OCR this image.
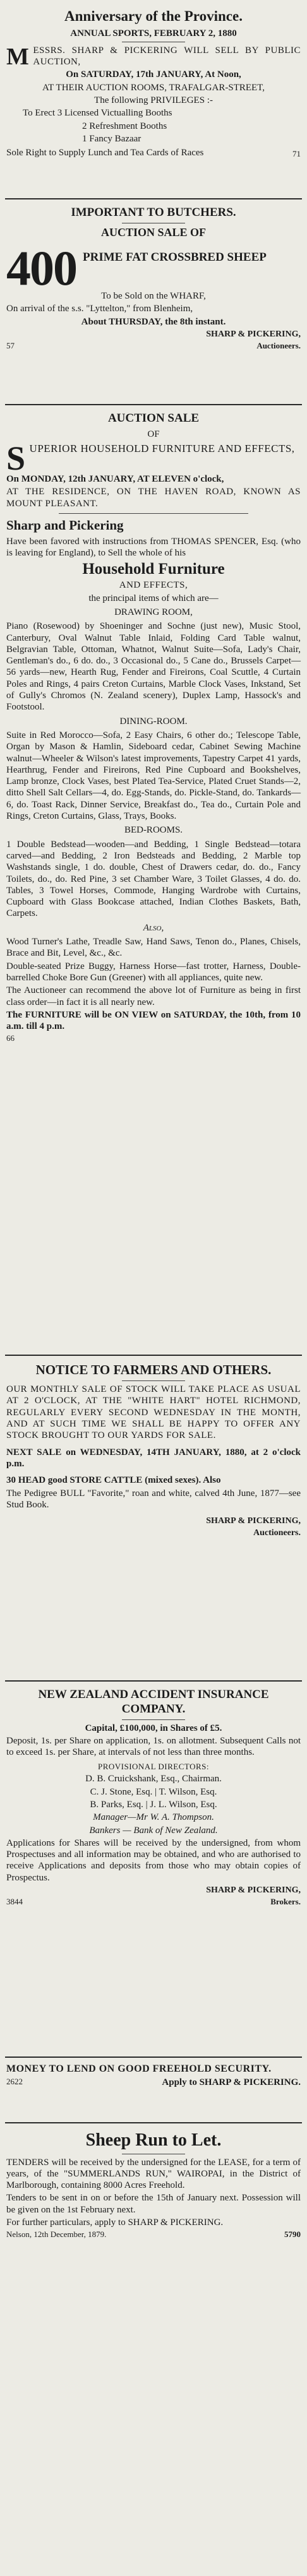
Anniversary of the Province.
ANNUAL SPORTS, FEBRUARY 2, 1880

MESSRS. SHARP & PICKERING WILL SELL BY PUBLIC AUCTION,

On SATURDAY, 17th JANUARY, At Noon,

AT THEIR AUCTION ROOMS, TRAFALGAR-STREET,

The following PRIVILEGES :-

To Erect 3 Licensed Victualling Booths

2 Refreshment Booths

1 Fancy Bazaar

Sole Right to Supply Lunch and Tea Cards of Races	71

IMPORTANT TO BUTCHERS.
AUCTION SALE OF
400 PRIME FAT CROSSBRED SHEEP

To be Sold on the WHARF,

On arrival of the s.s. "Lyttelton," from Blenheim,

About THURSDAY, the 8th instant.

SHARP & PICKERING,

57	Auctioneers.
AUCTION SALE
OF

SUPERIOR HOUSEHOLD FURNITURE AND EFFECTS,

On MONDAY, 12th JANUARY, AT ELEVEN o'clock,

AT THE RESIDENCE, ON THE HAVEN ROAD, KNOWN AS MOUNT PLEASANT.

Sharp and Pickering

Have been favored with instructions from THOMAS SPENCER, Esq. (who is leaving for England), to Sell the whole of his

Household Furniture

AND EFFECTS,

the principal items of which are—

DRAWING ROOM,

Piano (Rosewood) by Shoeninger and Sochne (just new), Music Stool, Canterbury, Oval Walnut Table Inlaid, Folding Card Table walnut, Belgravian Table, Ottoman, Whatnot, Walnut Suite—Sofa, Lady's Chair, Gentleman's do., 6 do. do., 3 Occasional do., 5 Cane do., Brussels Carpet—56 yards—new, Hearth Rug, Fender and Fireirons, Coal Scuttle, 4 Curtain Poles and Rings, 4 pairs Creton Curtains, Marble Clock Vases, Inkstand, Set of Gully's Chromos (N. Zealand scenery), Duplex Lamp, Hassock's and Footstool.

DINING-ROOM.

Suite in Red Morocco—Sofa, 2 Easy Chairs, 6 other do.; Telescope Table, Organ by Mason & Hamlin, Sideboard cedar, Cabinet Sewing Machine walnut—Wheeler & Wilson's latest improvements, Tapestry Carpet 41 yards, Hearthrug, Fender and Fireirons, Red Pine Cupboard and Bookshelves, Lamp bronze, Clock Vases, best Plated Tea-Service, Plated Cruet Stands—2, ditto Shell Salt Cellars—4, do. Egg-Stands, do. Pickle-Stand, do. Tankards—6, do. Toast Rack, Dinner Service, Breakfast do., Tea do., Curtain Pole and Rings, Creton Curtains, Glass, Trays, Books.

BED-ROOMS.

1 Double Bedstead—wooden—and Bedding, 1 Single Bedstead—totara carved—and Bedding, 2 Iron Bedsteads and Bedding, 2 Marble top Washstands single, 1 do. double, Chest of Drawers cedar, do. do., Fancy Toilets, do., do. Red Pine, 3 set Chamber Ware, 3 Toilet Glasses, 4 do. do. Tables, 3 Towel Horses, Commode, Hanging Wardrobe with Curtains, Cupboard with Glass Bookcase attached, Indian Clothes Baskets, Bath, Carpets.

Also,

Wood Turner's Lathe, Treadle Saw, Hand Saws, Tenon do., Planes, Chisels, Brace and Bit, Level, &c., &c.

Double-seated Prize Buggy, Harness Horse—fast trotter, Harness, Double-barrelled Choke Bore Gun (Greener) with all appliances, quite new.

The Auctioneer can recommend the above lot of Furniture as being in first class order—in fact it is all nearly new.

The FURNITURE will be ON VIEW on SATURDAY, the 10th, from 10 a.m. till 4 p.m.

66

NOTICE TO FARMERS AND OTHERS.

OUR MONTHLY SALE OF STOCK WILL TAKE PLACE AS USUAL AT 2 O'CLOCK, AT THE "WHITE HART" HOTEL RICHMOND, REGULARLY EVERY SECOND WEDNESDAY IN THE MONTH, AND AT SUCH TIME WE SHALL BE HAPPY TO OFFER ANY STOCK BROUGHT TO OUR YARDS FOR SALE.

NEXT SALE on WEDNESDAY, 14TH JANUARY, 1880, at 2 o'clock p.m.

30 HEAD good STORE CATTLE (mixed sexes). Also

The Pedigree BULL "Favorite," roan and white, calved 4th June, 1877—see Stud Book.

SHARP & PICKERING,

Auctioneers.

NEW ZEALAND ACCIDENT INSURANCE COMPANY.

Capital, £100,000, in Shares of £5.

Deposit, 1s. per Share on application, 1s. on allotment. Subsequent Calls not to exceed 1s. per Share, at intervals of not less than three months.

PROVISIONAL DIRECTORS:

D. B. Cruickshank, Esq., Chairman.

C. J. Stone, Esq. | T. Wilson, Esq.

B. Parks, Esq. | J. L. Wilson, Esq.

Manager—Mr W. A. Thompson.

Bankers — Bank of New Zealand.

Applications for Shares will be received by the undersigned, from whom Prospectuses and all information may be obtained, and who are authorised to receive Applications and deposits from those who may obtain copies of Prospectus.

SHARP & PICKERING,

3844	Brokers.

MONEY TO LEND ON GOOD FREEHOLD SECURITY.

2622	Apply to SHARP & PICKERING.
Sheep Run to Let.

TENDERS will be received by the undersigned for the LEASE, for a term of years, of the "SUMMERLANDS RUN," WAIROPAI, in the District of Marlborough, containing 8000 Acres Freehold.

Tenders to be sent in on or before the 15th of January next. Possession will be given on the 1st February next.

For further particulars, apply to SHARP & PICKERING.

Nelson, 12th December, 1879.	5790
